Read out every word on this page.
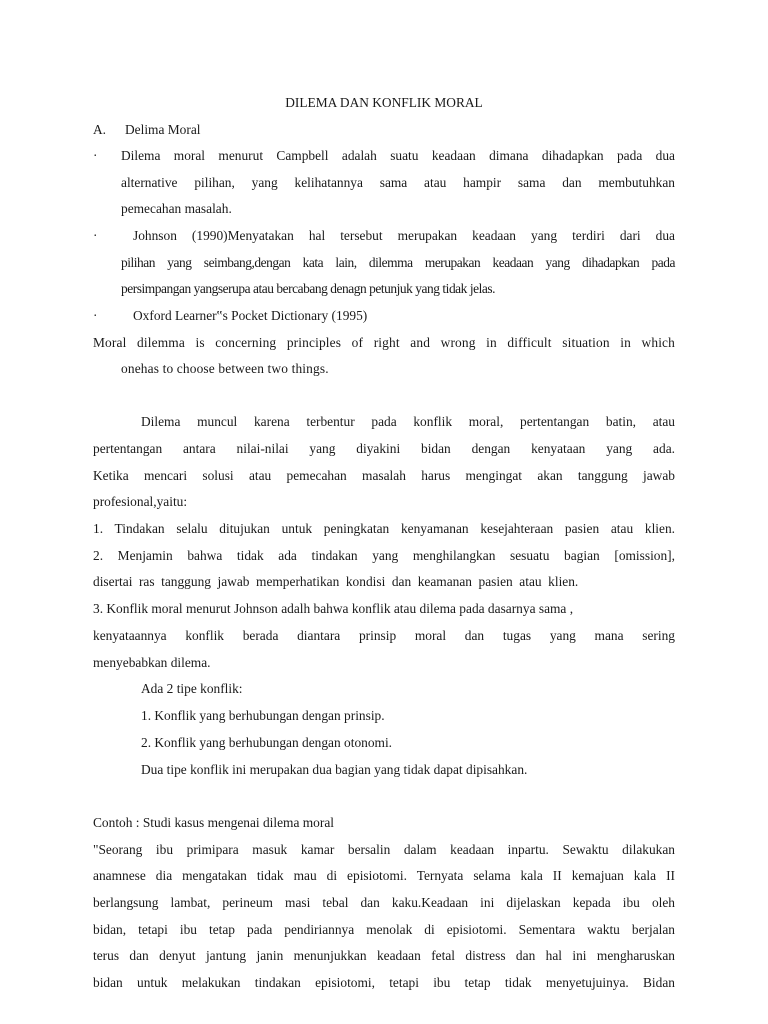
DILEMA DAN KONFLIK MORAL
A. Delima Moral
· Dilema moral menurut Campbell adalah suatu keadaan dimana dihadapkan pada dua
alternative pilihan, yang kelihatannya sama atau hampir sama dan membutuhkan
pemecahan masalah.
·	Johnson (1990)Menyatakan hal tersebut merupakan keadaan yang terdiri dari dua
pilihan yang seimbang,dengan kata lain, dilemma merupakan keadaan yang dihadapkan pada
persimpangan yangserupa atau bercabang denagn petunjuk yang tidak jelas.
·	Oxford Learner‟s Pocket Dictionary (1995)
Moral dilemma is concerning principles of right and wrong in difficult situation in which
onehas to choose between two things.
Dilema muncul karena terbentur pada konflik moral, pertentangan batin, atau
pertentangan antara nilai-nilai yang diyakini bidan dengan kenyataan yang ada.
Ketika mencari solusi atau pemecahan masalah harus mengingat akan tanggung jawab
profesional,yaitu:
1. Tindakan selalu ditujukan untuk peningkatan kenyamanan kesejahteraan pasien atau klien.
2. Menjamin bahwa tidak ada tindakan yang menghilangkan sesuatu bagian [omission],
disertai ras tanggung jawab memperhatikan kondisi dan keamanan pasien atau klien.
3. Konflik moral menurut Johnson adalh bahwa konflik atau dilema pada dasarnya sama ,
kenyataannya konflik berada diantara prinsip moral dan tugas yang mana sering
menyebabkan dilema.
Ada 2 tipe konflik:
1. Konflik yang berhubungan dengan prinsip.
2. Konflik yang berhubungan dengan otonomi.
Dua tipe konflik ini merupakan dua bagian yang tidak dapat dipisahkan.
Contoh : Studi kasus mengenai dilema moral
"Seorang ibu primipara masuk kamar bersalin dalam keadaan inpartu. Sewaktu dilakukan
anamnese dia mengatakan tidak mau di episiotomi. Ternyata selama kala II kemajuan kala II
berlangsung lambat, perineum masi tebal dan kaku.Keadaan ini dijelaskan kepada ibu oleh
bidan, tetapi ibu tetap pada pendiriannya menolak di episiotomi. Sementara waktu berjalan
terus dan denyut jantung janin menunjukkan keadaan fetal distress dan hal ini mengharuskan
bidan untuk melakukan tindakan episiotomi, tetapi ibu tetap tidak menyetujuinya. Bidan
